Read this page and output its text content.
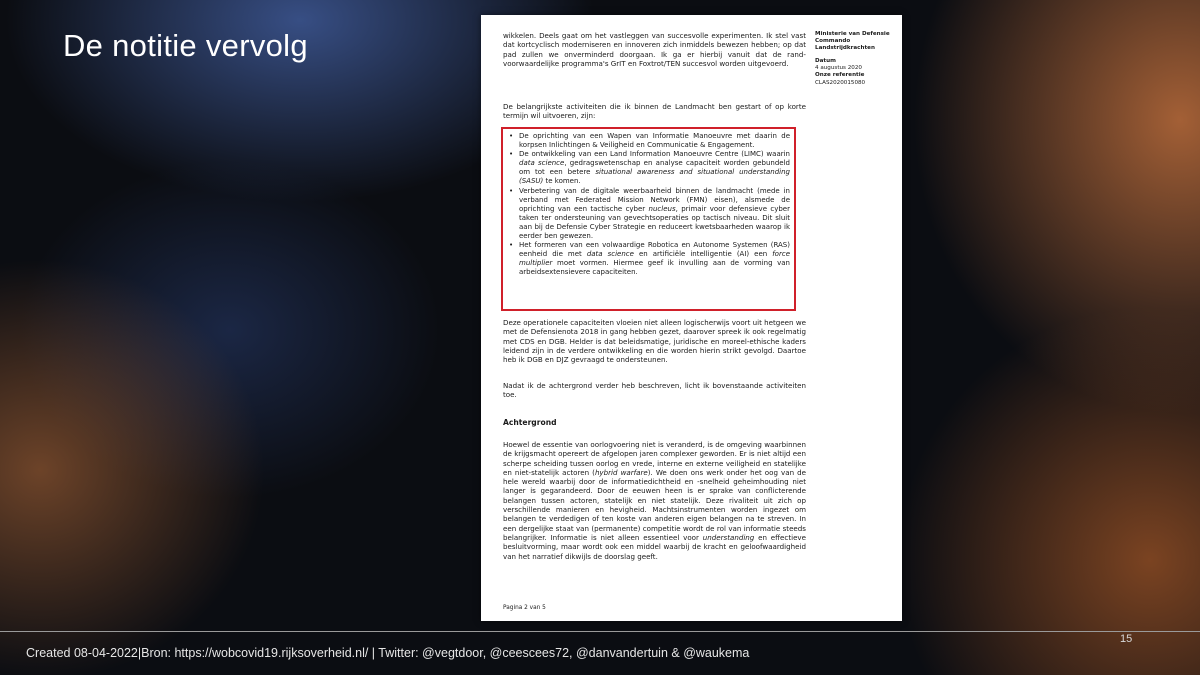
De notitie vervolg	wikkelen. Deels gaat om het vastleggen van succesvolle experimenten. Ik stel vast dat kortcyclisch moderniseren en innoveren zich inmiddels bewezen hebben; op dat pad zullen we onverminderd doorgaan. Ik ga er hierbij vanuit dat de rand-voorwaardelijke programma's GrIT en Foxtrot/TEN succesvol worden uitgevoerd.

De belangrijkste activiteiten die ik binnen de Landmacht ben gestart of op korte termijn wil uitvoeren, zijn:

• De oprichting van een Wapen van Informatie Manoeuvre met daarin de korpsen Inlichtingen & Veiligheid en Communicatie & Engagement.
• De ontwikkeling van een Land Information Manoeuvre Centre (LIMC) waarin data science, gedragswetenschap en analyse capaciteit worden gebundeld om tot een betere situational awareness and situational understanding (SASU) te komen.
• Verbetering van de digitale weerbaarheid binnen de landmacht (mede in verband met Federated Mission Network (FMN) eisen), alsmede de oprichting van een tactische cyber nucleus, primair voor defensieve cyber taken ter ondersteuning van gevechtsoperaties op tactisch niveau. Dit sluit aan bij de Defensie Cyber Strategie en reduceert kwetsbaarheden waarop ik eerder ben gewezen.
• Het formeren van een volwaardige Robotica en Autonome Systemen (RAS) eenheid die met data science en artificiële intelligentie (AI) een force multiplier moet vormen. Hiermee geef ik invulling aan de vorming van arbeidsextensievere capaciteiten.

Deze operationele capaciteiten vloeien niet alleen logischerwijs voort uit hetgeen we met de Defensienota 2018 in gang hebben gezet, daarover spreek ik ook regelmatig met CDS en DGB. Helder is dat beleidsmatige, juridische en moreel-ethische kaders leidend zijn in de verdere ontwikkeling en die worden hierin strikt gevolgd. Daartoe heb ik DGB en DJZ gevraagd te ondersteunen.

Nadat ik de achtergrond verder heb beschreven, licht ik bovenstaande activiteiten toe.

Achtergrond

Hoewel de essentie van oorlogvoering niet is veranderd, is de omgeving waarbinnen de krijgsmacht opereert de afgelopen jaren complexer geworden. Er is niet altijd een scherpe scheiding tussen oorlog en vrede, interne en externe veiligheid en statelijke en niet-statelijk actoren (hybrid warfare). We doen ons werk onder het oog van de hele wereld waarbij door de informatiedichtheid en -snelheid geheimhouding niet langer is gegarandeerd. Door de eeuwen heen is er sprake van conflicterende belangen tussen actoren, statelijk en niet statelijk. Deze rivaliteit uit zich op verschillende manieren en hevigheid. Machtsinstrumenten worden ingezet om belangen te verdedigen of ten koste van anderen eigen belangen na te streven. In een dergelijke staat van (permanente) competitie wordt de rol van informatie steeds belangrijker. Informatie is niet alleen essentieel voor understanding en effectieve besluitvorming, maar wordt ook een middel waarbij de kracht en geloofwaardigheid van het narratief dikwijls de doorslag geeft.

Ministerie van Defensie
Commando Landstrijdkrachten
Datum
4 augustus 2020
Onze referentie
CLAS2020015080
Pagina 2 van 5
15
Created 08-04-2022|Bron: https://wobcovid19.rijksoverheid.nl/ | Twitter: @vegtdoor, @ceescees72, @danvandertuin & @waukema
